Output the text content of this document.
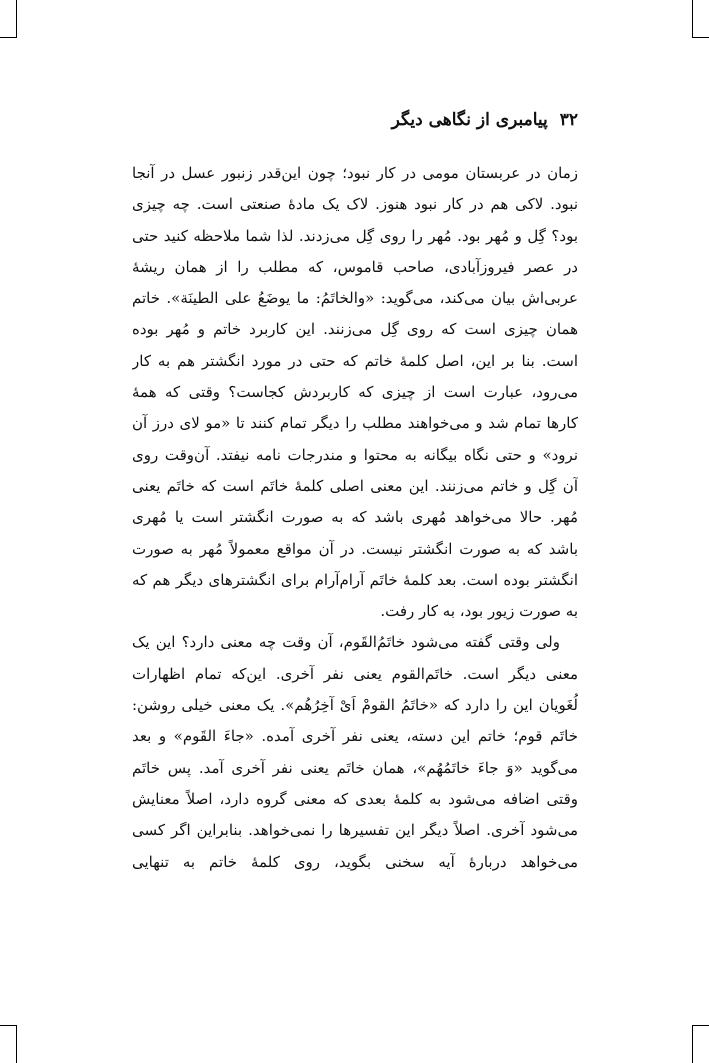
۳۲
پیامبری از نگاهی دیگر
زمان در عربستان مومی در کار نبود؛ چون این‌قدر زنبور عسل در آنجا
نبود. لاکی هم در کار نبود هنوز. لاک یک مادهٔ صنعتی است. چه چیزی
بود؟ گِل و مُهر بود. مُهر را روی گِل می‌زدند. لذا شما ملاحظه کنید حتی
در عصر فیروزآبادی، صاحب قاموس، که مطلب را از همان ریشهٔ
عربی‌اش بیان می‌کند، می‌گوید: «والخاتَمُ: ما یوضَعُ علی الطینَة». خاتم
همان چیزی است که روی گِل می‌زنند. این کاربرد خاتم و مُهر بوده
است. بنا بر این، اصل کلمهٔ خاتم که حتی در مورد انگشتر هم به کار
می‌رود، عبارت است از چیزی که کاربردش کجاست؟ وقتی که همهٔ
کارها تمام شد و می‌خواهند مطلب را دیگر تمام کنند تا «مو لای درز آن
نرود» و حتی نگاه بیگانه به محتوا و مندرجات نامه نیفتد. آن‌وقت روی
آن گِل و خاتم می‌زنند. این معنی اصلی کلمهٔ خاتَم است که خاتَم یعنی
مُهر. حالا می‌خواهد مُهری باشد که به صورت انگشتر است یا مُهری
باشد که به صورت انگشتر نیست. در آن مواقع معمولاً مُهر به صورت
انگشتر بوده است. بعد کلمهٔ خاتَم آرام‌آرام برای انگشترهای دیگر هم که
به صورت زیور بود، به کار رفت.
ولی وقتی گفته می‌شود خاتَمُ‌القَوم، آن وقت چه معنی دارد؟ این یک
معنی دیگر است. خاتَم‌القوم یعنی نفر آخری. این‌که تمام اظهارات
لُغَویان این را دارد که «خاتَمُ القومْ اَیْ آخِرُهُم». یک معنی خیلی روشن:
خاتَم قوم؛ خاتم این دسته، یعنی نفر آخری آمده. «جاءَ القَوم» و بعد
می‌گوید «وَ جاءَ خاتَمُهُم»، همان خاتَم یعنی نفر آخری آمد. پس خاتَم
وقتی اضافه می‌شود به کلمهٔ بعدی که معنی گروه دارد، اصلاً معنایش
می‌شود آخری. اصلاً دیگر این تفسیرها را نمی‌خواهد. بنابراین اگر کسی
می‌خواهد دربارهٔ آیه سخنی بگوید، روی کلمهٔ خاتم به تنهایی
